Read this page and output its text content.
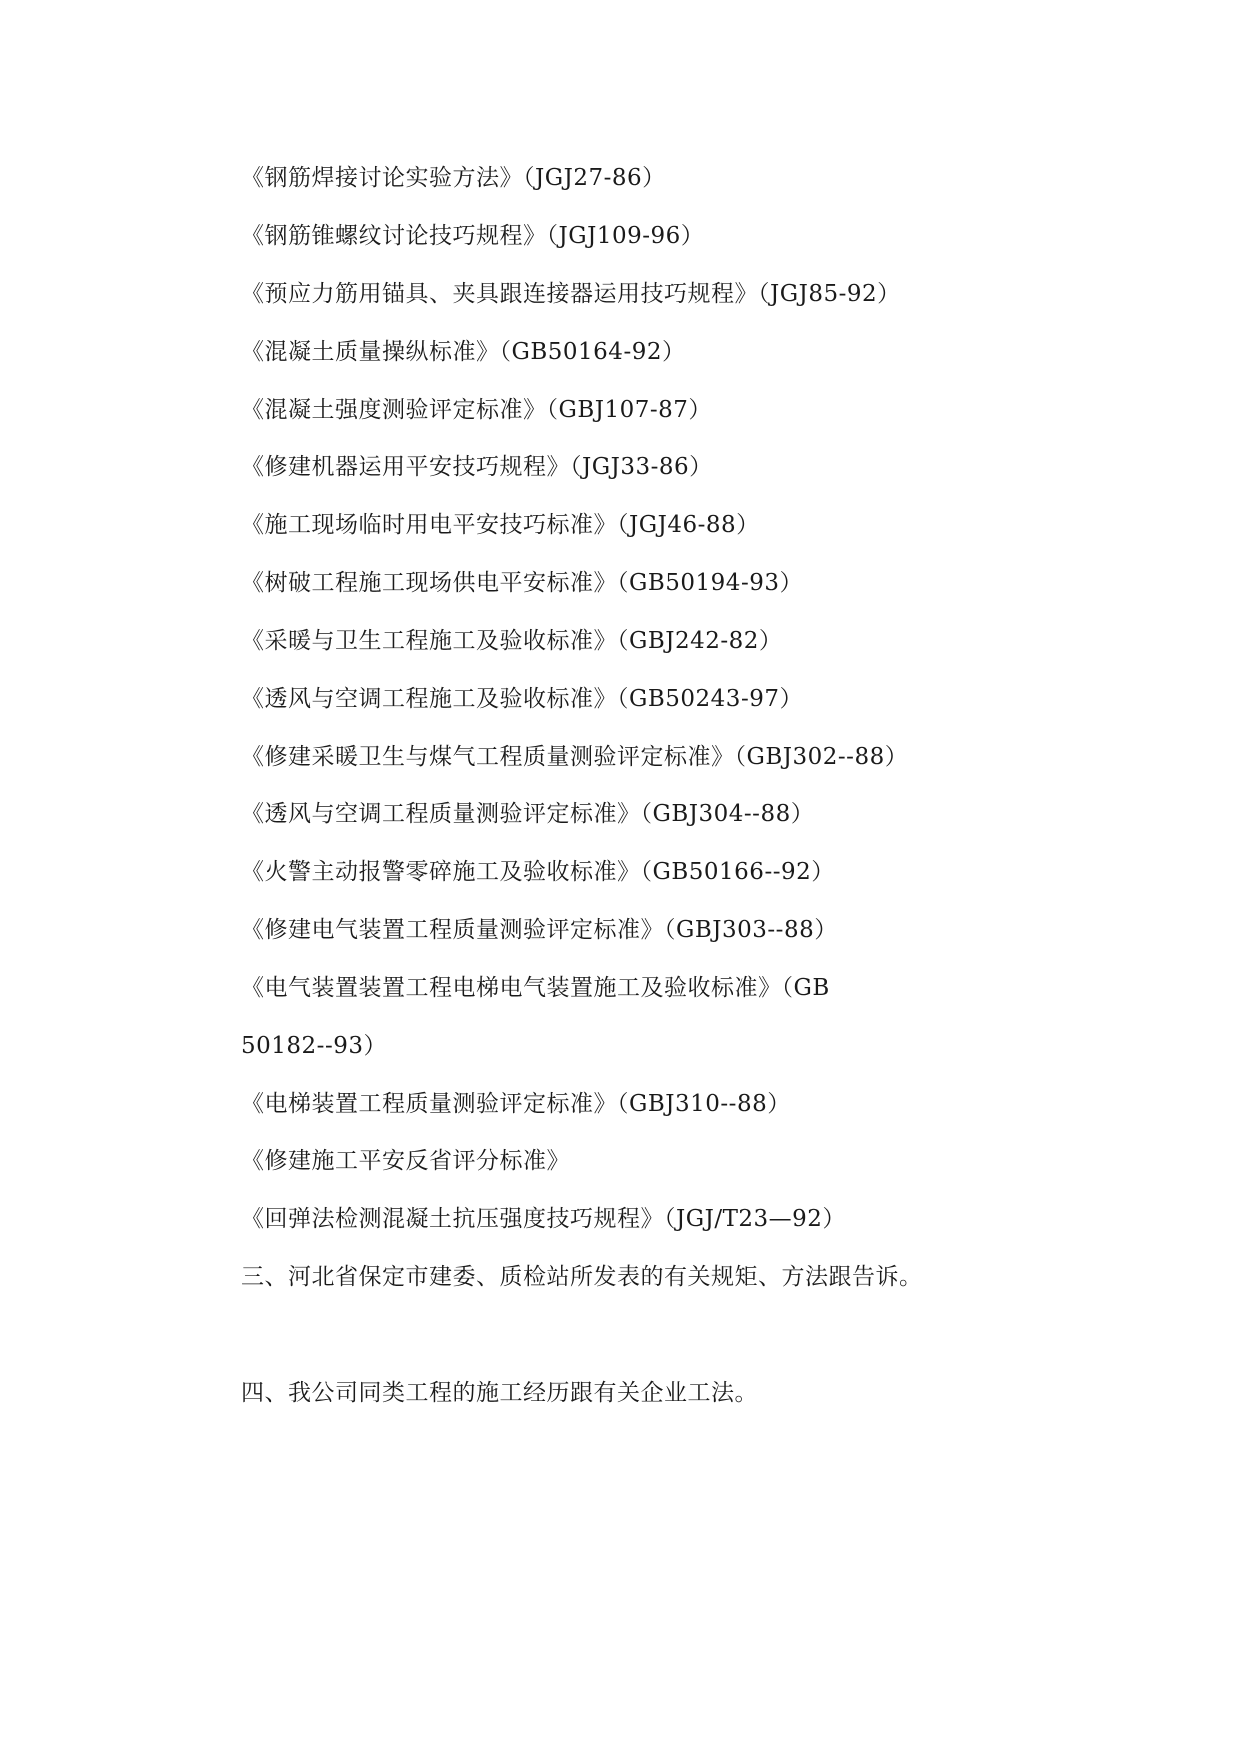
《钢筋焊接讨论实验方法》（JGJ27-86）
《钢筋锥螺纹讨论技巧规程》（JGJ109-96）
《预应力筋用锚具、夹具跟连接器运用技巧规程》（JGJ85-92）
《混凝土质量操纵标准》（GB50164-92）
《混凝土强度测验评定标准》（GBJ107-87）
《修建机器运用平安技巧规程》（JGJ33-86）
《施工现场临时用电平安技巧标准》（JGJ46-88）
《树破工程施工现场供电平安标准》（GB50194-93）
《采暖与卫生工程施工及验收标准》（GBJ242-82）
《透风与空调工程施工及验收标准》（GB50243-97）
《修建采暖卫生与煤气工程质量测验评定标准》（GBJ302--88）
《透风与空调工程质量测验评定标准》（GBJ304--88）
《火警主动报警零碎施工及验收标准》（GB50166--92）
《修建电气装置工程质量测验评定标准》（GBJ303--88）
《电气装置装置工程电梯电气装置施工及验收标准》（GB
50182--93）
《电梯装置工程质量测验评定标准》（GBJ310--88）
《修建施工平安反省评分标准》
《回弹法检测混凝土抗压强度技巧规程》（JGJ/T23—92）
三、河北省保定市建委、质检站所发表的有关规矩、方法跟告诉。
四、我公司同类工程的施工经历跟有关企业工法。
